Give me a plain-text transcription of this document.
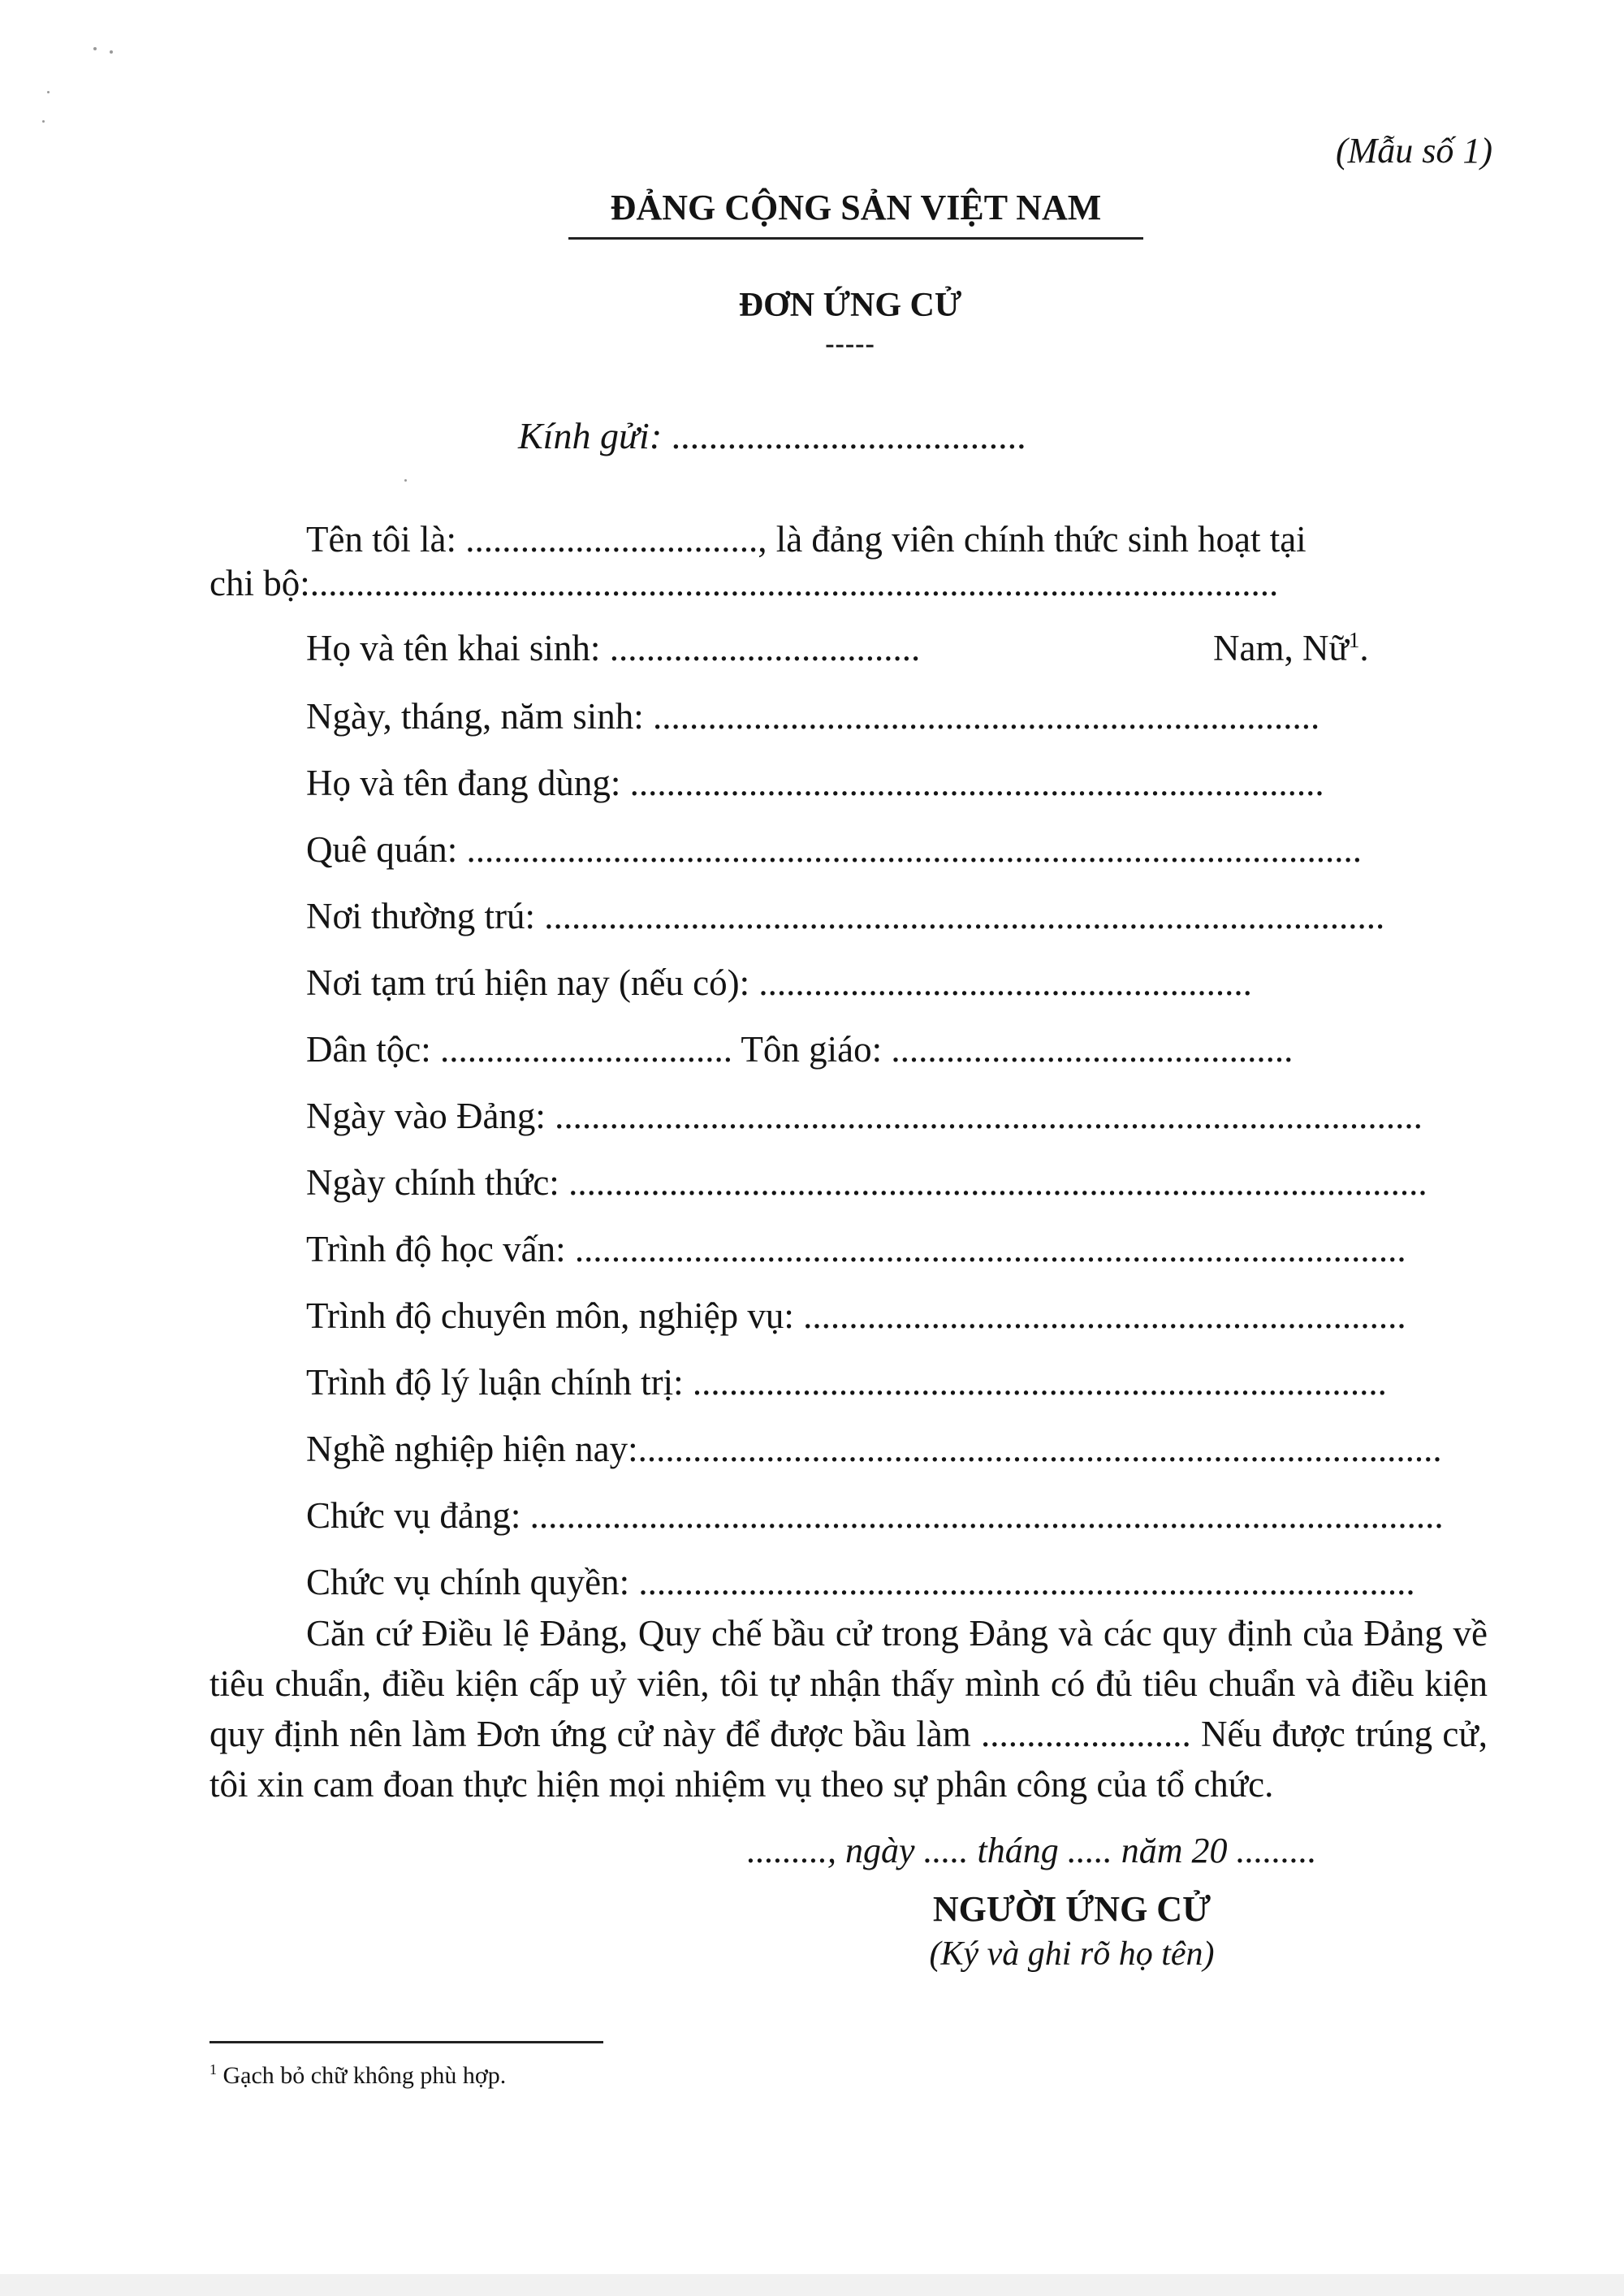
(Mẫu số 1)
ĐẢNG CỘNG SẢN VIỆT NAM
ĐƠN ỨNG CỬ
-----
Kính gửi: ......................................
Tên tôi là: ................................, là đảng viên chính thức sinh hoạt tại
chi bộ:..........................................................................................................
Họ và tên khai sinh: ..................................	Nam, Nữ$^1$.
Ngày, tháng, năm sinh: .........................................................................
Họ và tên đang dùng: ............................................................................
Quê quán: ..................................................................................................
Nơi thường trú: ............................................................................................
Nơi tạm trú hiện nay (nếu có): ......................................................
Dân tộc: ................................ Tôn giáo: ............................................
Ngày vào Đảng: ...............................................................................................
Ngày chính thức: ..............................................................................................
Trình độ học vấn: ...........................................................................................
Trình độ chuyên môn, nghiệp vụ: ..................................................................
Trình độ lý luận chính trị: ............................................................................
Nghề nghiệp hiện nay:........................................................................................
Chức vụ đảng: ....................................................................................................
Chức vụ chính quyền: .....................................................................................
Căn cứ Điều lệ Đảng, Quy chế bầu cử trong Đảng và các quy định của Đảng về tiêu chuẩn, điều kiện cấp uỷ viên, tôi tự nhận thấy mình có đủ tiêu chuẩn và điều kiện quy định nên làm Đơn ứng cử này để được bầu làm ....................... Nếu được trúng cử, tôi xin cam đoan thực hiện mọi nhiệm vụ theo sự phân công của tổ chức.
........., ngày ..... tháng ..... năm 20 .........
NGƯỜI ỨNG CỬ
(Ký và ghi rõ họ tên)
$^1$ Gạch bỏ chữ không phù hợp.
